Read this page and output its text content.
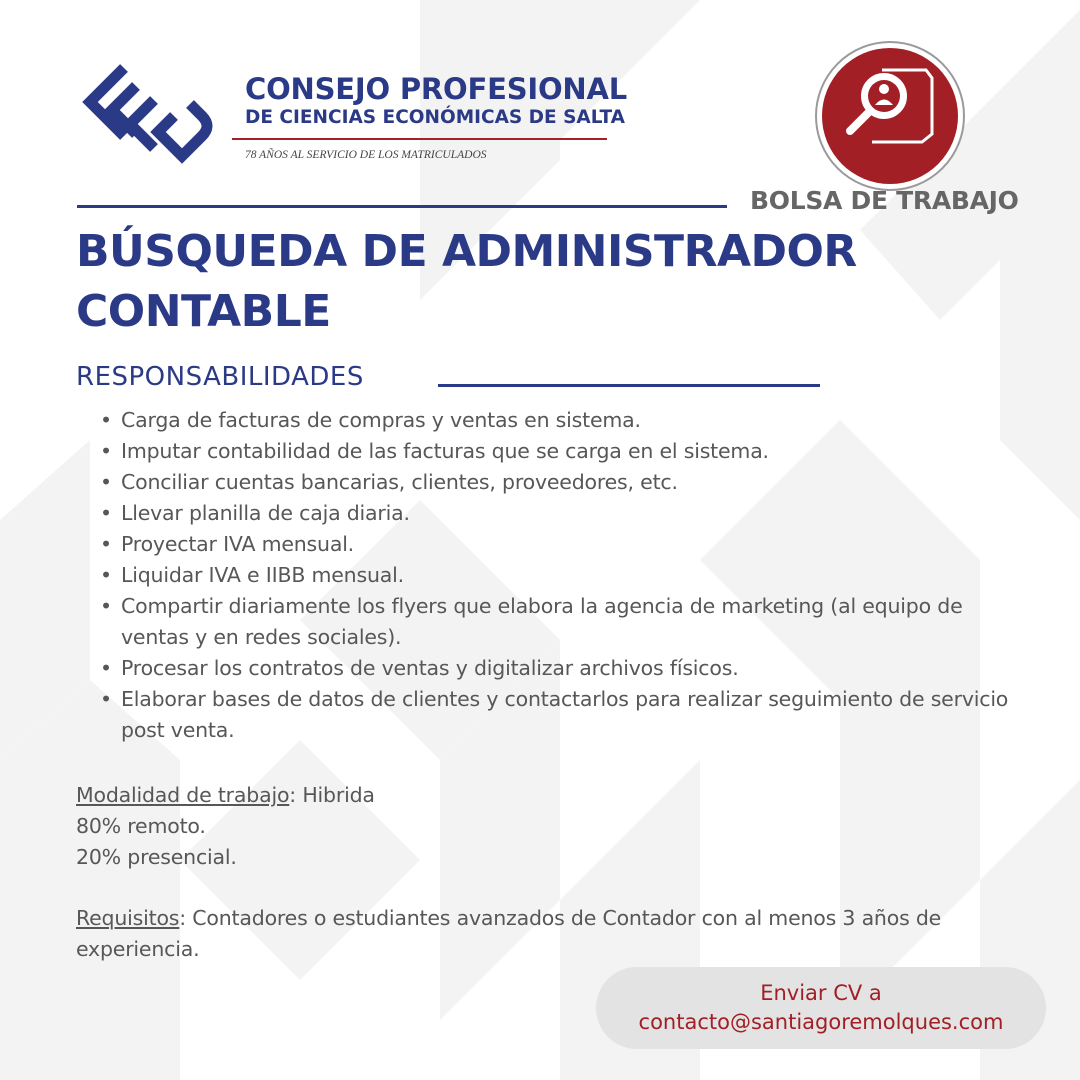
CONSEJO PROFESIONAL
DE CIENCIAS ECONÓMICAS DE SALTA
78 AÑOS AL SERVICIO DE LOS MATRICULADOS
BOLSA DE TRABAJO
BÚSQUEDA DE ADMINISTRADOR
CONTABLE
RESPONSABILIDADES
• Carga de facturas de compras y ventas en sistema.
• Imputar contabilidad de las facturas que se carga en el sistema.
• Conciliar cuentas bancarias, clientes, proveedores, etc.
• Llevar planilla de caja diaria.
• Proyectar IVA mensual.
• Liquidar IVA e IIBB mensual.
• Compartir diariamente los flyers que elabora la agencia de marketing (al equipo de ventas y en redes sociales).
• Procesar los contratos de ventas y digitalizar archivos físicos.
• Elaborar bases de datos de clientes y contactarlos para realizar seguimiento de servicio post venta.
Modalidad de trabajo: Hibrida
80% remoto.
20% presencial.
Requisitos: Contadores o estudiantes avanzados de Contador con al menos 3 años de experiencia.
Enviar CV a
contacto@santiagoremolques.com
